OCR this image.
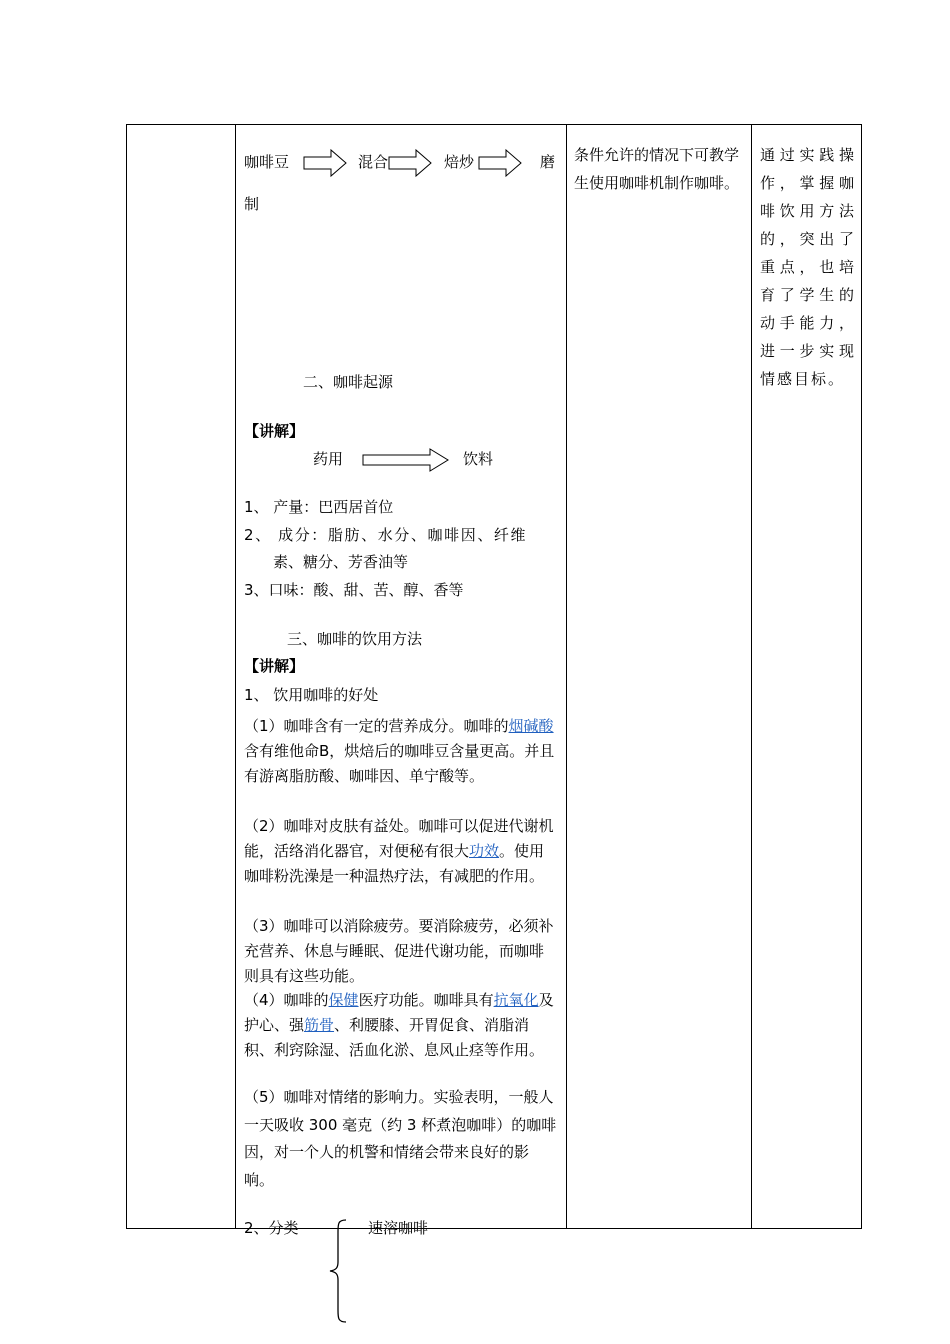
咖啡豆	混合	焙炒	磨
制
二、咖啡起源
【讲解】
药用	饮料
1、 产量：巴西居首位
2、 成分：脂肪、水分、咖啡因、纤维
素、糖分、芳香油等
3、口味：酸、甜、苦、醇、香等
三、咖啡的饮用方法
【讲解】
1、 饮用咖啡的好处
（1）咖啡含有一定的营养成分。咖啡的烟碱酸含有维他命B，烘焙后的咖啡豆含量更高。并且有游离脂肪酸、咖啡因、单宁酸等。
（2）咖啡对皮肤有益处。咖啡可以促进代谢机能，活络消化器官，对便秘有很大功效。使用咖啡粉洗澡是一种温热疗法，有减肥的作用。
（3）咖啡可以消除疲劳。要消除疲劳，必须补充营养、休息与睡眠、促进代谢功能，而咖啡则具有这些功能。
（4）咖啡的保健医疗功能。咖啡具有抗氧化及护心、强筋骨、利腰膝、开胃促食、消脂消积、利窍除湿、活血化淤、息风止痉等作用。
（5）咖啡对情绪的影响力。实验表明，一般人一天吸收 300 毫克（约 3 杯煮泡咖啡）的咖啡因，对一个人的机警和情绪会带来良好的影响。
2、分类	速溶咖啡
条件允许的情况下可教学生使用咖啡机制作咖啡。
通过实践操作，掌握咖啡饮用方法的，突出了重点，也培育了学生的动手能力，进一步实现情感目标。
